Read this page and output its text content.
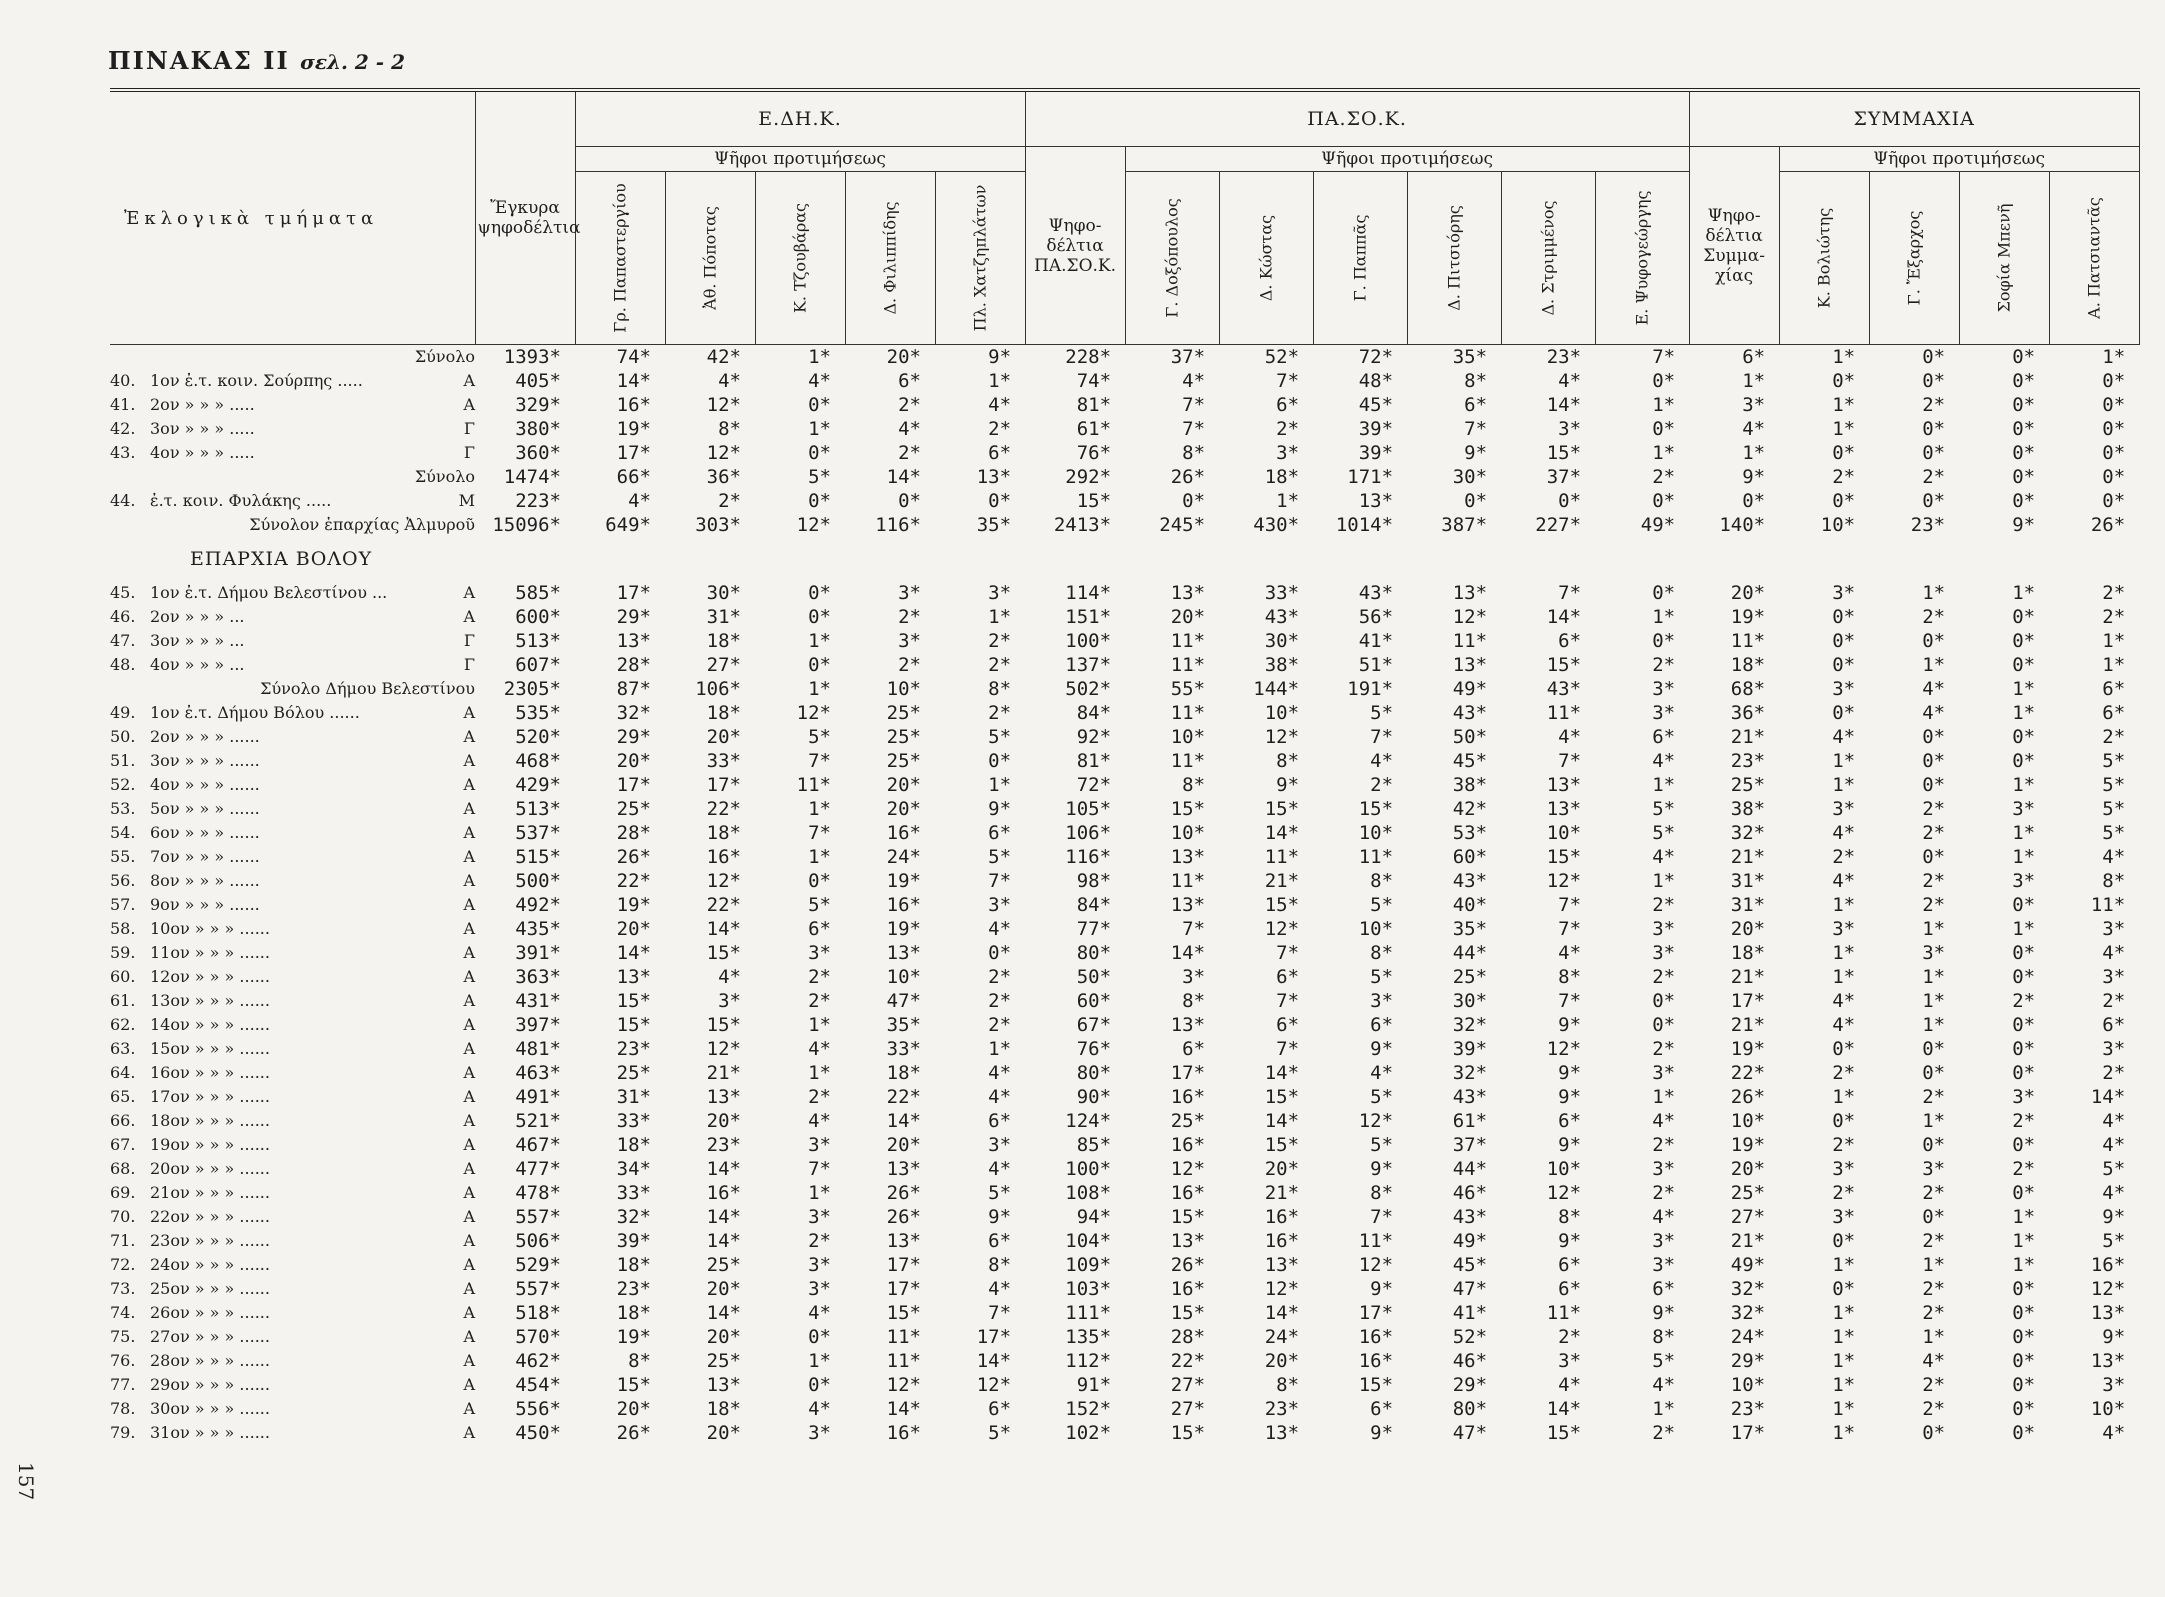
ΠΙΝΑΚΑΣ ΙΙ σελ. 2 - 2
157
Ἐκλογικὰ τμήματα	Ἔγκυρα ψηφοδέλτια	Ε.ΔΗ.Κ.					ΠΑ.ΣΟ.Κ.							ΣΥΜΜΑΧΙΑ				
		Ψῆφοι προτιμήσεως					Ψηφο-δέλτια ΠΑ.ΣΟ.Κ.	Ψῆφοι προτιμήσεως						Ψηφο-δέλτια Συμμα-χίας	Ψῆφοι προτιμήσεως			

		Γρ. Παπαστεργίου	Ἀθ. Πόποτας	Κ. Τζουβάρας	Δ. Φιλιππίδης	Πλ. Χατζηπλάτων		Γ. Δοξόπουλος	Δ. Κώστας	Γ. Παππᾶς	Δ. Πιτσιόρης	Δ. Στριμμένος	Ε. Ψυφογεώργης		Κ. Βολιώτης	Γ. Ἔξαρχος	Σοφία Μπενῆ	Α. Πατσιαντᾶς

Σύνολο	1393*	74*	42*	1*	20*	9*	228*	37*	52*	72*	35*	23*	7*	6*	1*	0*	0*	1*
40. 1ον ἐ.τ. κοιν. Σούρπης ..... Α	405*	14*	4*	4*	6*	1*	74*	4*	7*	48*	8*	4*	0*	1*	0*	0*	0*	0*
41. 2ον » » » ..... Α	329*	16*	12*	0*	2*	4*	81*	7*	6*	45*	6*	14*	1*	3*	1*	2*	0*	0*
42. 3ον » » » ..... Γ	380*	19*	8*	1*	4*	2*	61*	7*	2*	39*	7*	3*	0*	4*	1*	0*	0*	0*
43. 4ον » » » ..... Γ	360*	17*	12*	0*	2*	6*	76*	8*	3*	39*	9*	15*	1*	1*	0*	0*	0*	0*

Σύνολο	1474*	66*	36*	5*	14*	13*	292*	26*	18*	171*	30*	37*	2*	9*	2*	2*	0*	0*
44. ἐ.τ. κοιν. Φυλάκης ..... Μ	223*	4*	2*	0*	0*	0*	15*	0*	1*	13*	0*	0*	0*	0*	0*	0*	0*	0*

Σύνολον ἐπαρχίας Ἀλμυροῦ	15096*	649*	303*	12*	116*	35*	2413*	245*	430*	1014*	387*	227*	49*	140*	10*	23*	9*	26*
ΕΠΑΡΧΙΑ ΒΟΛΟΥ																		
45. 1ον ἐ.τ. Δήμου Βελεστίνου ... Α	585*	17*	30*	0*	3*	3*	114*	13*	33*	43*	13*	7*	0*	20*	3*	1*	1*	2*
46. 2ον » » » ... Α	600*	29*	31*	0*	2*	1*	151*	20*	43*	56*	12*	14*	1*	19*	0*	2*	0*	2*
47. 3ον » » » ... Γ	513*	13*	18*	1*	3*	2*	100*	11*	30*	41*	11*	6*	0*	11*	0*	0*	0*	1*
48. 4ον » » » ... Γ	607*	28*	27*	0*	2*	2*	137*	11*	38*	51*	13*	15*	2*	18*	0*	1*	0*	1*

Σύνολο Δήμου Βελεστίνου	2305*	87*	106*	1*	10*	8*	502*	55*	144*	191*	49*	43*	3*	68*	3*	4*	1*	6*
49. 1ον ἐ.τ. Δήμου Βόλου ...... Α	535*	32*	18*	12*	25*	2*	84*	11*	10*	5*	43*	11*	3*	36*	0*	4*	1*	6*
50. 2ον » » » ...... Α	520*	29*	20*	5*	25*	5*	92*	10*	12*	7*	50*	4*	6*	21*	4*	0*	0*	2*
51. 3ον » » » ...... Α	468*	20*	33*	7*	25*	0*	81*	11*	8*	4*	45*	7*	4*	23*	1*	0*	0*	5*
52. 4ον » » » ...... Α	429*	17*	17*	11*	20*	1*	72*	8*	9*	2*	38*	13*	1*	25*	1*	0*	1*	5*
53. 5ον » » » ...... Α	513*	25*	22*	1*	20*	9*	105*	15*	15*	15*	42*	13*	5*	38*	3*	2*	3*	5*
54. 6ον » » » ...... Α	537*	28*	18*	7*	16*	6*	106*	10*	14*	10*	53*	10*	5*	32*	4*	2*	1*	5*
55. 7ον » » » ...... Α	515*	26*	16*	1*	24*	5*	116*	13*	11*	11*	60*	15*	4*	21*	2*	0*	1*	4*
56. 8ον » » » ...... Α	500*	22*	12*	0*	19*	7*	98*	11*	21*	8*	43*	12*	1*	31*	4*	2*	3*	8*
57. 9ον » » » ...... Α	492*	19*	22*	5*	16*	3*	84*	13*	15*	5*	40*	7*	2*	31*	1*	2*	0*	11*
58. 10ον » » » ...... Α	435*	20*	14*	6*	19*	4*	77*	7*	12*	10*	35*	7*	3*	20*	3*	1*	1*	3*
59. 11ον » » » ...... Α	391*	14*	15*	3*	13*	0*	80*	14*	7*	8*	44*	4*	3*	18*	1*	3*	0*	4*
60. 12ον » » » ...... Α	363*	13*	4*	2*	10*	2*	50*	3*	6*	5*	25*	8*	2*	21*	1*	1*	0*	3*
61. 13ον » » » ...... Α	431*	15*	3*	2*	47*	2*	60*	8*	7*	3*	30*	7*	0*	17*	4*	1*	2*	2*
62. 14ον » » » ...... Α	397*	15*	15*	1*	35*	2*	67*	13*	6*	6*	32*	9*	0*	21*	4*	1*	0*	6*
63. 15ον » » » ...... Α	481*	23*	12*	4*	33*	1*	76*	6*	7*	9*	39*	12*	2*	19*	0*	0*	0*	3*
64. 16ον » » » ...... Α	463*	25*	21*	1*	18*	4*	80*	17*	14*	4*	32*	9*	3*	22*	2*	0*	0*	2*
65. 17ον » » » ...... Α	491*	31*	13*	2*	22*	4*	90*	16*	15*	5*	43*	9*	1*	26*	1*	2*	3*	14*
66. 18ον » » » ...... Α	521*	33*	20*	4*	14*	6*	124*	25*	14*	12*	61*	6*	4*	10*	0*	1*	2*	4*
67. 19ον » » » ...... Α	467*	18*	23*	3*	20*	3*	85*	16*	15*	5*	37*	9*	2*	19*	2*	0*	0*	4*
68. 20ον » » » ...... Α	477*	34*	14*	7*	13*	4*	100*	12*	20*	9*	44*	10*	3*	20*	3*	3*	2*	5*
69. 21ον » » » ...... Α	478*	33*	16*	1*	26*	5*	108*	16*	21*	8*	46*	12*	2*	25*	2*	2*	0*	4*
70. 22ον » » » ...... Α	557*	32*	14*	3*	26*	9*	94*	15*	16*	7*	43*	8*	4*	27*	3*	0*	1*	9*
71. 23ον » » » ...... Α	506*	39*	14*	2*	13*	6*	104*	13*	16*	11*	49*	9*	3*	21*	0*	2*	1*	5*
72. 24ον » » » ...... Α	529*	18*	25*	3*	17*	8*	109*	26*	13*	12*	45*	6*	3*	49*	1*	1*	1*	16*
73. 25ον » » » ...... Α	557*	23*	20*	3*	17*	4*	103*	16*	12*	9*	47*	6*	6*	32*	0*	2*	0*	12*
74. 26ον » » » ...... Α	518*	18*	14*	4*	15*	7*	111*	15*	14*	17*	41*	11*	9*	32*	1*	2*	0*	13*
75. 27ον » » » ...... Α	570*	19*	20*	0*	11*	17*	135*	28*	24*	16*	52*	2*	8*	24*	1*	1*	0*	9*
76. 28ον » » » ...... Α	462*	8*	25*	1*	11*	14*	112*	22*	20*	16*	46*	3*	5*	29*	1*	4*	0*	13*
77. 29ον » » » ...... Α	454*	15*	13*	0*	12*	12*	91*	27*	8*	15*	29*	4*	4*	10*	1*	2*	0*	3*
78. 30ον » » » ...... Α	556*	20*	18*	4*	14*	6*	152*	27*	23*	6*	80*	14*	1*	23*	1*	2*	0*	10*
79. 31ον » » » ...... Α	450*	26*	20*	3*	16*	5*	102*	15*	13*	9*	47*	15*	2*	17*	1*	0*	0*	4*
